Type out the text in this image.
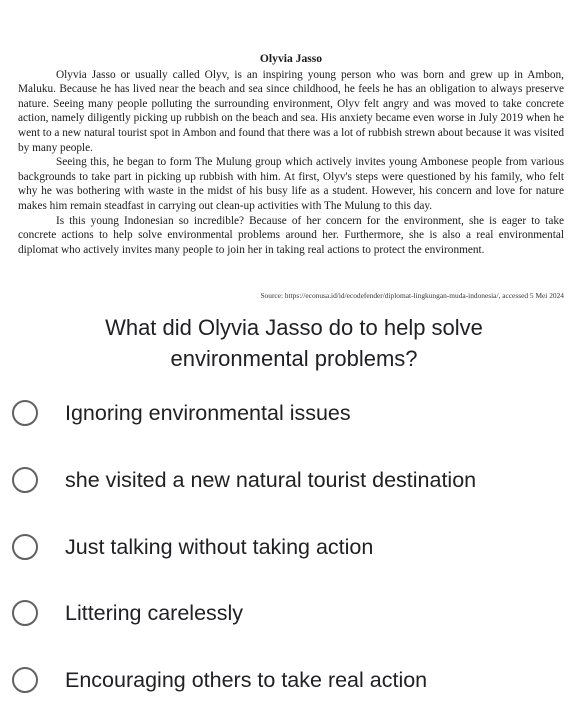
Olyvia Jasso

Olyvia Jasso or usually called Olyv, is an inspiring young person who was born and grew up in Ambon, Maluku. Because he has lived near the beach and sea since childhood, he feels he has an obligation to always preserve nature. Seeing many people polluting the surrounding environment, Olyv felt angry and was moved to take concrete action, namely diligently picking up rubbish on the beach and sea. His anxiety became even worse in July 2019 when he went to a new natural tourist spot in Ambon and found that there was a lot of rubbish strewn about because it was visited by many people.

Seeing this, he began to form The Mulung group which actively invites young Ambonese people from various backgrounds to take part in picking up rubbish with him. At first, Olyv's steps were questioned by his family, who felt why he was bothering with waste in the midst of his busy life as a student. However, his concern and love for nature makes him remain steadfast in carrying out clean-up activities with The Mulung to this day.

Is this young Indonesian so incredible? Because of her concern for the environment, she is eager to take concrete actions to help solve environmental problems around her. Furthermore, she is also a real environmental diplomat who actively invites many people to join her in taking real actions to protect the environment.

Source: https://econusa.id/id/ecodefender/diplomat-lingkungan-muda-indonesia/, accessed 5 Mei 2024
What did Olyvia Jasso do to help solve environmental problems?
Ignoring environmental issues
she visited a new natural tourist destination
Just talking without taking action
Littering carelessly
Encouraging others to take real action
